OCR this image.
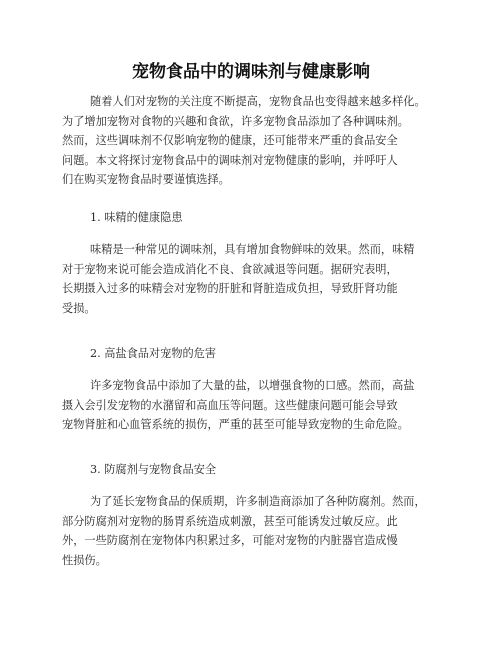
宠物食品中的调味剂与健康影响
随着人们对宠物的关注度不断提高，宠物食品也变得越来越多样化。
为了增加宠物对食物的兴趣和食欲，许多宠物食品添加了各种调味剂。
然而，这些调味剂不仅影响宠物的健康，还可能带来严重的食品安全
问题。本文将探讨宠物食品中的调味剂对宠物健康的影响，并呼吁人
们在购买宠物食品时要谨慎选择。
1. 味精的健康隐患
味精是一种常见的调味剂，具有增加食物鲜味的效果。然而，味精
对于宠物来说可能会造成消化不良、食欲减退等问题。据研究表明，
长期摄入过多的味精会对宠物的肝脏和肾脏造成负担，导致肝肾功能
受损。
2. 高盐食品对宠物的危害
许多宠物食品中添加了大量的盐，以增强食物的口感。然而，高盐
摄入会引发宠物的水潴留和高血压等问题。这些健康问题可能会导致
宠物肾脏和心血管系统的损伤，严重的甚至可能导致宠物的生命危险。
3. 防腐剂与宠物食品安全
为了延长宠物食品的保质期，许多制造商添加了各种防腐剂。然而，
部分防腐剂对宠物的肠胃系统造成刺激，甚至可能诱发过敏反应。此
外，一些防腐剂在宠物体内积累过多，可能对宠物的内脏器官造成慢
性损伤。
